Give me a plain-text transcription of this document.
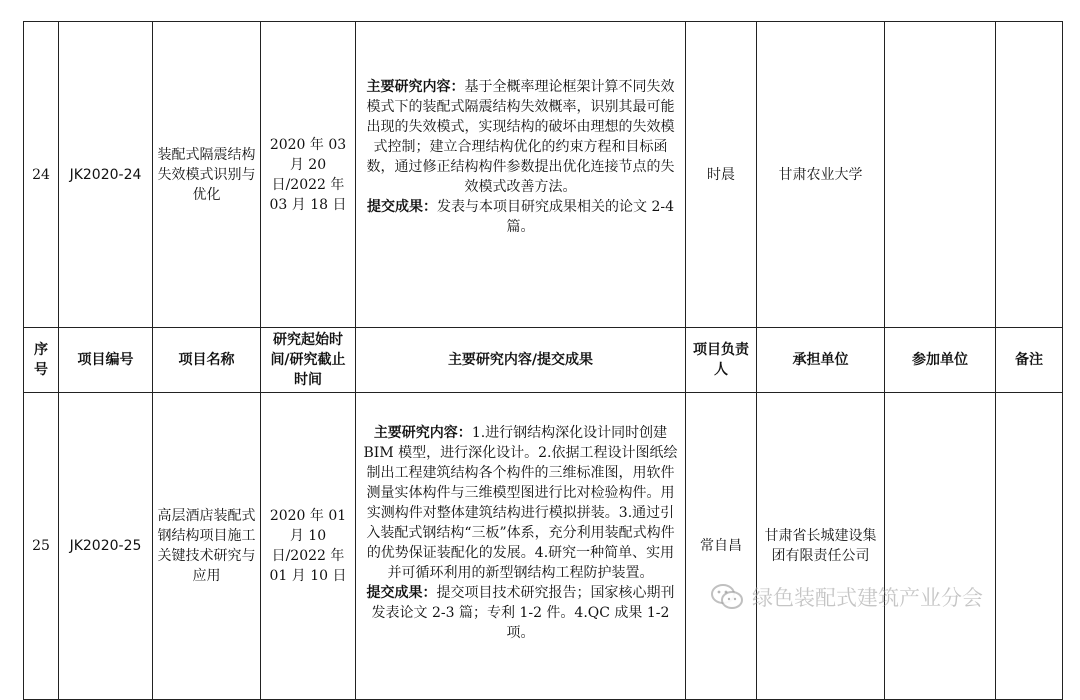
24	JK2020-24	装配式隔震结构失效模式识别与优化	2020 年 03 月 20 日/2022 年 03 月 18 日	主要研究内容：基于全概率理论框架计算不同失效模式下的装配式隔震结构失效概率，识别其最可能出现的失效模式，实现结构的破坏由理想的失效模式控制；建立合理结构优化的约束方程和目标函数，通过修正结构构件参数提出优化连接节点的失效模式改善方法。

提交成果：发表与本项目研究成果相关的论文 2-4 篇。	时晨	甘肃农业大学		
序号	项目编号	项目名称	研究起始时间/研究截止时间	主要研究内容/提交成果	项目负责人	承担单位	参加单位	备注
25	JK2020-25	高层酒店装配式钢结构项目施工关键技术研究与应用	2020 年 01 月 10 日/2022 年 01 月 10 日	主要研究内容：1.进行钢结构深化设计同时创建 BIM 模型，进行深化设计。2.依据工程设计图纸绘制出工程建筑结构各个构件的三维标准图，用软件测量实体构件与三维模型图进行比对检验构件。用实测构件对整体建筑结构进行模拟拼装。3.通过引入装配式钢结构“三板”体系，充分利用装配式构件的优势保证装配化的发展。4.研究一种简单、实用并可循环利用的新型钢结构工程防护装置。

提交成果：提交项目技术研究报告；国家核心期刊发表论文 2-3 篇；专利 1-2 件。4.QC 成果 1-2 项。	常自昌	甘肃省长城建设集团有限责任公司		
绿色装配式建筑产业分会
